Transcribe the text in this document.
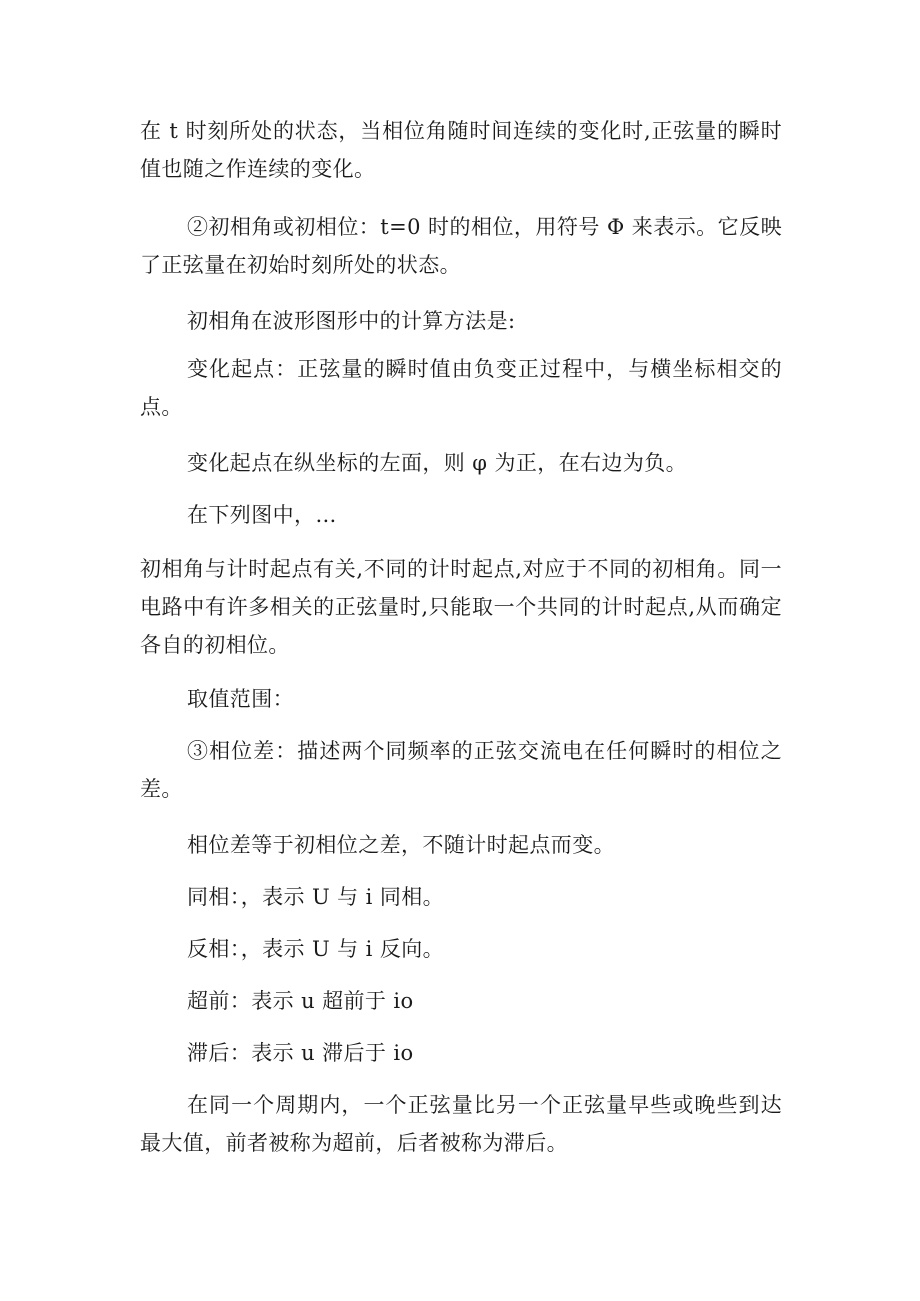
在 t 时刻所处的状态，当相位角随时间连续的变化时,正弦量的瞬时值也随之作连续的变化。

②初相角或初相位：t=0 时的相位，用符号 Φ 来表示。它反映了正弦量在初始时刻所处的状态。

初相角在波形图形中的计算方法是:

变化起点：正弦量的瞬时值由负变正过程中，与横坐标相交的点。

变化起点在纵坐标的左面，则 φ 为正，在右边为负。

在下列图中，…

初相角与计时起点有关,不同的计时起点,对应于不同的初相角。同一电路中有许多相关的正弦量时,只能取一个共同的计时起点,从而确定各自的初相位。

取值范围：

③相位差：描述两个同频率的正弦交流电在任何瞬时的相位之差。

相位差等于初相位之差，不随计时起点而变。

同相：，表示 U 与 i 同相。

反相：，表示 U 与 i 反向。

超前：表示 u 超前于 io

滞后：表示 u 滞后于 io

在同一个周期内，一个正弦量比另一个正弦量早些或晚些到达最大值，前者被称为超前，后者被称为滞后。
